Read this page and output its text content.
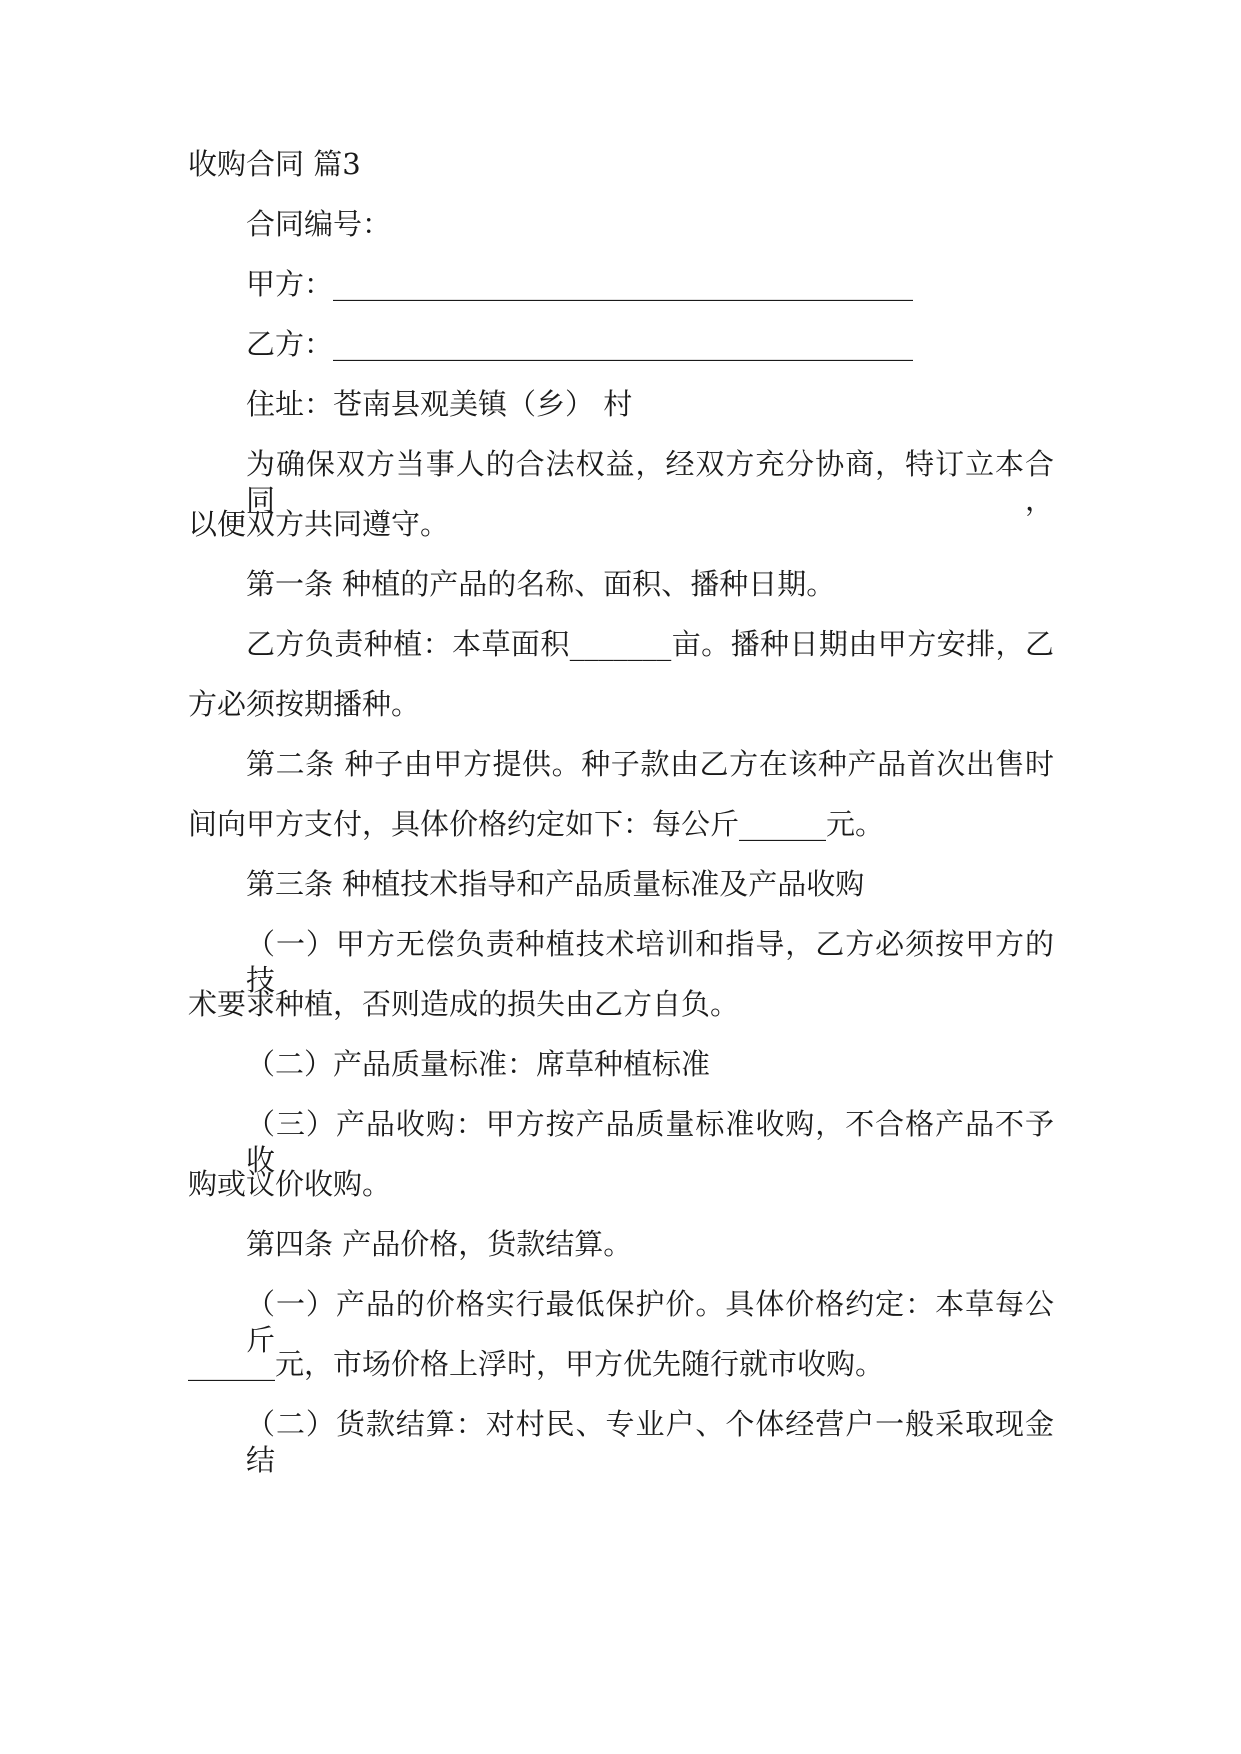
收购合同 篇3
合同编号：
甲方：________________________________________
乙方：________________________________________
住址：苍南县观美镇（乡） 村
为确保双方当事人的合法权益，经双方充分协商，特订立本合同，
以便双方共同遵守。
第一条 种植的产品的名称、面积、播种日期。
乙方负责种植：本草面积_______亩。播种日期由甲方安排，乙
方必须按期播种。
第二条 种子由甲方提供。种子款由乙方在该种产品首次出售时
间向甲方支付，具体价格约定如下：每公斤______元。
第三条 种植技术指导和产品质量标准及产品收购
（一）甲方无偿负责种植技术培训和指导，乙方必须按甲方的技
术要求种植，否则造成的损失由乙方自负。
（二）产品质量标准：席草种植标准
（三）产品收购：甲方按产品质量标准收购，不合格产品不予收
购或议价收购。
第四条 产品价格，货款结算。
（一）产品的价格实行最低保护价。具体价格约定：本草每公斤
______元，市场价格上浮时，甲方优先随行就市收购。
（二）货款结算：对村民、专业户、个体经营户一般采取现金结
